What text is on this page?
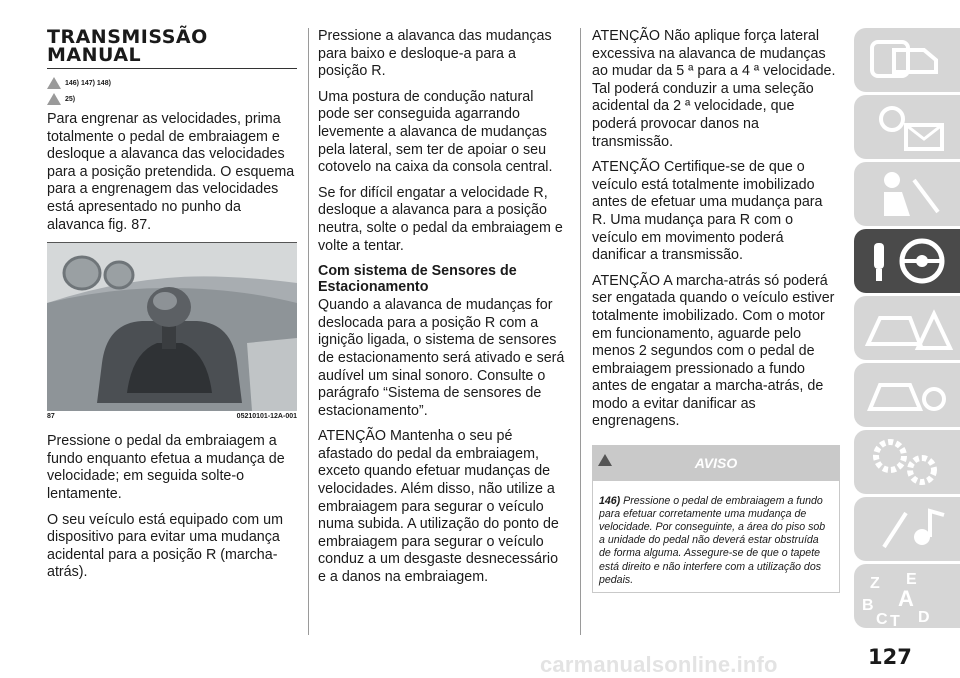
TRANSMISSÃO
MANUAL
146) 147) 148)
25)

Para engrenar as velocidades, prima totalmente o pedal de embraiagem e desloque a alavanca das velocidades para a posição pretendida. O esquema para a engrenagem das velocidades está apresentado no punho da alavanca fig. 87.

87	05210101-12A-001

Pressione o pedal da embraiagem a fundo enquanto efetua a mudança de velocidade; em seguida solte-o lentamente.

O seu veículo está equipado com um dispositivo para evitar uma mudança acidental para a posição R (marcha-atrás).

Pressione a alavanca das mudanças para baixo e desloque-a para a posição R.

Uma postura de condução natural pode ser conseguida agarrando levemente a alavanca de mudanças pela lateral, sem ter de apoiar o seu cotovelo na caixa da consola central.

Se for difícil engatar a velocidade R, desloque a alavanca para a posição neutra, solte o pedal da embraiagem e volte a tentar.

Com sistema de Sensores de Estacionamento

Quando a alavanca de mudanças for deslocada para a posição R com a ignição ligada, o sistema de sensores de estacionamento será ativado e será audível um sinal sonoro. Consulte o parágrafo “Sistema de sensores de estacionamento”.

ATENÇÃO Mantenha o seu pé afastado do pedal da embraiagem, exceto quando efetuar mudanças de velocidades. Além disso, não utilize a embraiagem para segurar o veículo numa subida. A utilização do ponto de embraiagem para segurar o veículo conduz a um desgaste desnecessário e a danos na embraiagem.

ATENÇÃO Não aplique força lateral excessiva na alavanca de mudanças ao mudar da 5 ª para a 4 ª velocidade. Tal poderá conduzir a uma seleção acidental da 2 ª velocidade, que poderá provocar danos na transmissão.

ATENÇÃO Certifique-se de que o veículo está totalmente imobilizado antes de efetuar uma mudança para R. Uma mudança para R com o veículo em movimento poderá danificar a transmissão.

ATENÇÃO A marcha-atrás só poderá ser engatada quando o veículo estiver totalmente imobilizado. Com o motor em funcionamento, aguarde pelo menos 2 segundos com o pedal de embraiagem pressionado a fundo antes de engatar a marcha-atrás, de modo a evitar danificar as engrenagens.

AVISO
146) Pressione o pedal de embraiagem a fundo para efetuar corretamente uma mudança de velocidade. Por conseguinte, a área do piso sob a unidade do pedal não deverá estar obstruída de forma alguma. Assegure-se de que o tapete está direito e não interfere com a utilização dos pedais.	Z E
B A
C T D
carmanualsonline.info	127
